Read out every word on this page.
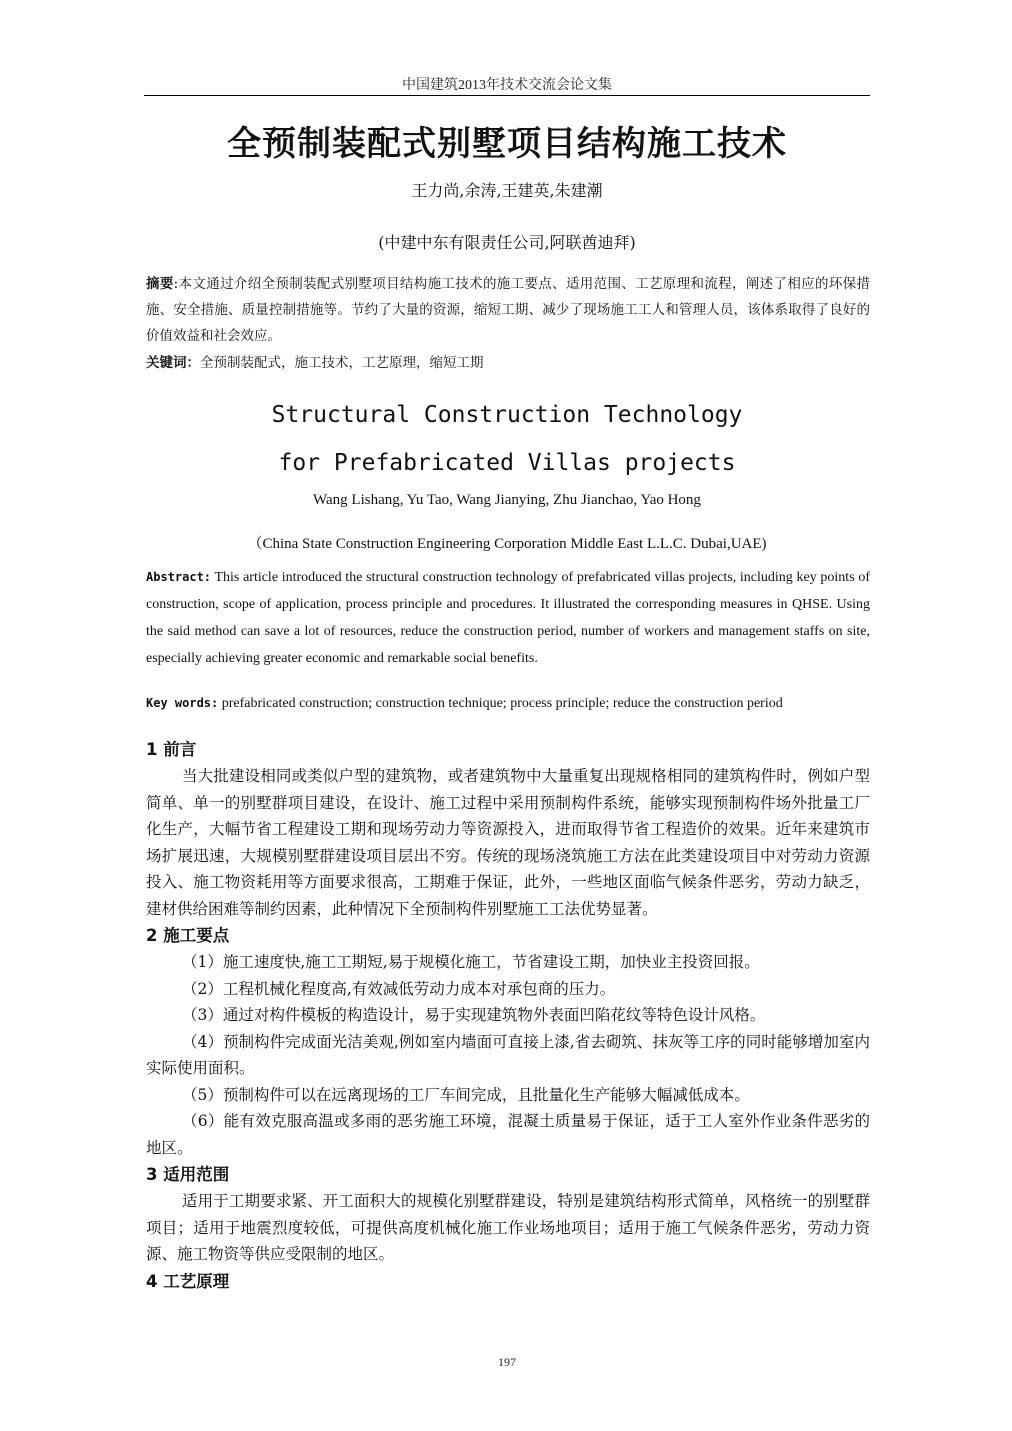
中国建筑2013年技术交流会论文集
全预制装配式别墅项目结构施工技术
王力尚,余涛,王建英,朱建潮
(中建中东有限责任公司,阿联酋迪拜)
摘要:本文通过介绍全预制装配式别墅项目结构施工技术的施工要点、适用范围、工艺原理和流程，阐述了相应的环保措施、安全措施、质量控制措施等。节约了大量的资源，缩短工期、减少了现场施工工人和管理人员，该体系取得了良好的价值效益和社会效应。
关键词：全预制装配式，施工技术，工艺原理，缩短工期
Structural Construction Technology
for Prefabricated Villas projects
Wang Lishang, Yu Tao, Wang Jianying, Zhu Jianchao, Yao Hong
（China State Construction Engineering Corporation Middle East L.L.C. Dubai,UAE)
Abstract: This article introduced the structural construction technology of prefabricated villas projects, including key points of construction, scope of application, process principle and procedures. It illustrated the corresponding measures in QHSE. Using the said method can save a lot of resources, reduce the construction period, number of workers and management staffs on site, especially achieving greater economic and remarkable social benefits.
Key words: prefabricated construction; construction technique; process principle; reduce the construction period
1 前言

当大批建设相同或类似户型的建筑物，或者建筑物中大量重复出现规格相同的建筑构件时，例如户型简单、单一的别墅群项目建设，在设计、施工过程中采用预制构件系统，能够实现预制构件场外批量工厂化生产，大幅节省工程建设工期和现场劳动力等资源投入，进而取得节省工程造价的效果。近年来建筑市场扩展迅速，大规模别墅群建设项目层出不穷。传统的现场浇筑施工方法在此类建设项目中对劳动力资源投入、施工物资耗用等方面要求很高，工期难于保证，此外，一些地区面临气候条件恶劣，劳动力缺乏，建材供给困难等制约因素，此种情况下全预制构件别墅施工工法优势显著。

2 施工要点

（1）施工速度快,施工工期短,易于规模化施工，节省建设工期，加快业主投资回报。

（2）工程机械化程度高,有效减低劳动力成本对承包商的压力。

（3）通过对构件模板的构造设计，易于实现建筑物外表面凹陷花纹等特色设计风格。

（4）预制构件完成面光洁美观,例如室内墙面可直接上漆,省去砌筑、抹灰等工序的同时能够增加室内实际使用面积。

（5）预制构件可以在远离现场的工厂车间完成，且批量化生产能够大幅减低成本。

（6）能有效克服高温或多雨的恶劣施工环境，混凝土质量易于保证，适于工人室外作业条件恶劣的地区。

3 适用范围

适用于工期要求紧、开工面积大的规模化别墅群建设，特别是建筑结构形式简单，风格统一的别墅群项目；适用于地震烈度较低，可提供高度机械化施工作业场地项目；适用于施工气候条件恶劣，劳动力资源、施工物资等供应受限制的地区。

4 工艺原理
197
